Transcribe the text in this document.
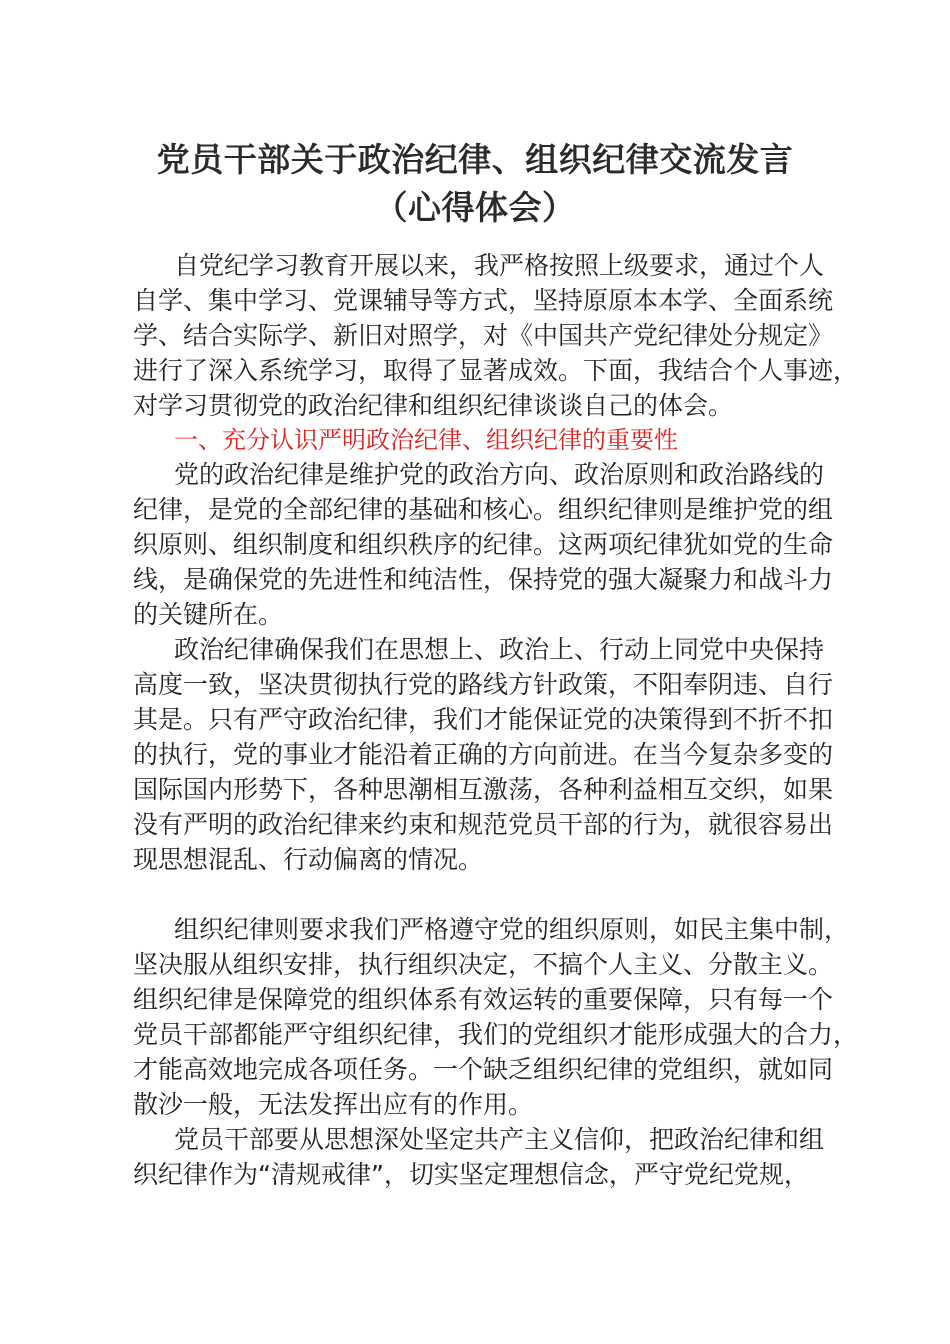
党员干部关于政治纪律、组织纪律交流发言
（心得体会）
自党纪学习教育开展以来，我严格按照上级要求，通过个人
自学、集中学习、党课辅导等方式，坚持原原本本学、全面系统
学、结合实际学、新旧对照学，对《中国共产党纪律处分规定》
进行了深入系统学习，取得了显著成效。下面，我结合个人事迹，
对学习贯彻党的政治纪律和组织纪律谈谈自己的体会。
一、充分认识严明政治纪律、组织纪律的重要性
党的政治纪律是维护党的政治方向、政治原则和政治路线的
纪律，是党的全部纪律的基础和核心。组织纪律则是维护党的组
织原则、组织制度和组织秩序的纪律。这两项纪律犹如党的生命
线，是确保党的先进性和纯洁性，保持党的强大凝聚力和战斗力
的关键所在。
政治纪律确保我们在思想上、政治上、行动上同党中央保持
高度一致，坚决贯彻执行党的路线方针政策，不阳奉阴违、自行
其是。只有严守政治纪律，我们才能保证党的决策得到不折不扣
的执行，党的事业才能沿着正确的方向前进。在当今复杂多变的
国际国内形势下，各种思潮相互激荡，各种利益相互交织，如果
没有严明的政治纪律来约束和规范党员干部的行为，就很容易出
现思想混乱、行动偏离的情况。
组织纪律则要求我们严格遵守党的组织原则，如民主集中制，
坚决服从组织安排，执行组织决定，不搞个人主义、分散主义。
组织纪律是保障党的组织体系有效运转的重要保障，只有每一个
党员干部都能严守组织纪律，我们的党组织才能形成强大的合力，
才能高效地完成各项任务。一个缺乏组织纪律的党组织，就如同
散沙一般，无法发挥出应有的作用。
党员干部要从思想深处坚定共产主义信仰，把政治纪律和组
织纪律作为“清规戒律”，切实坚定理想信念，严守党纪党规，
